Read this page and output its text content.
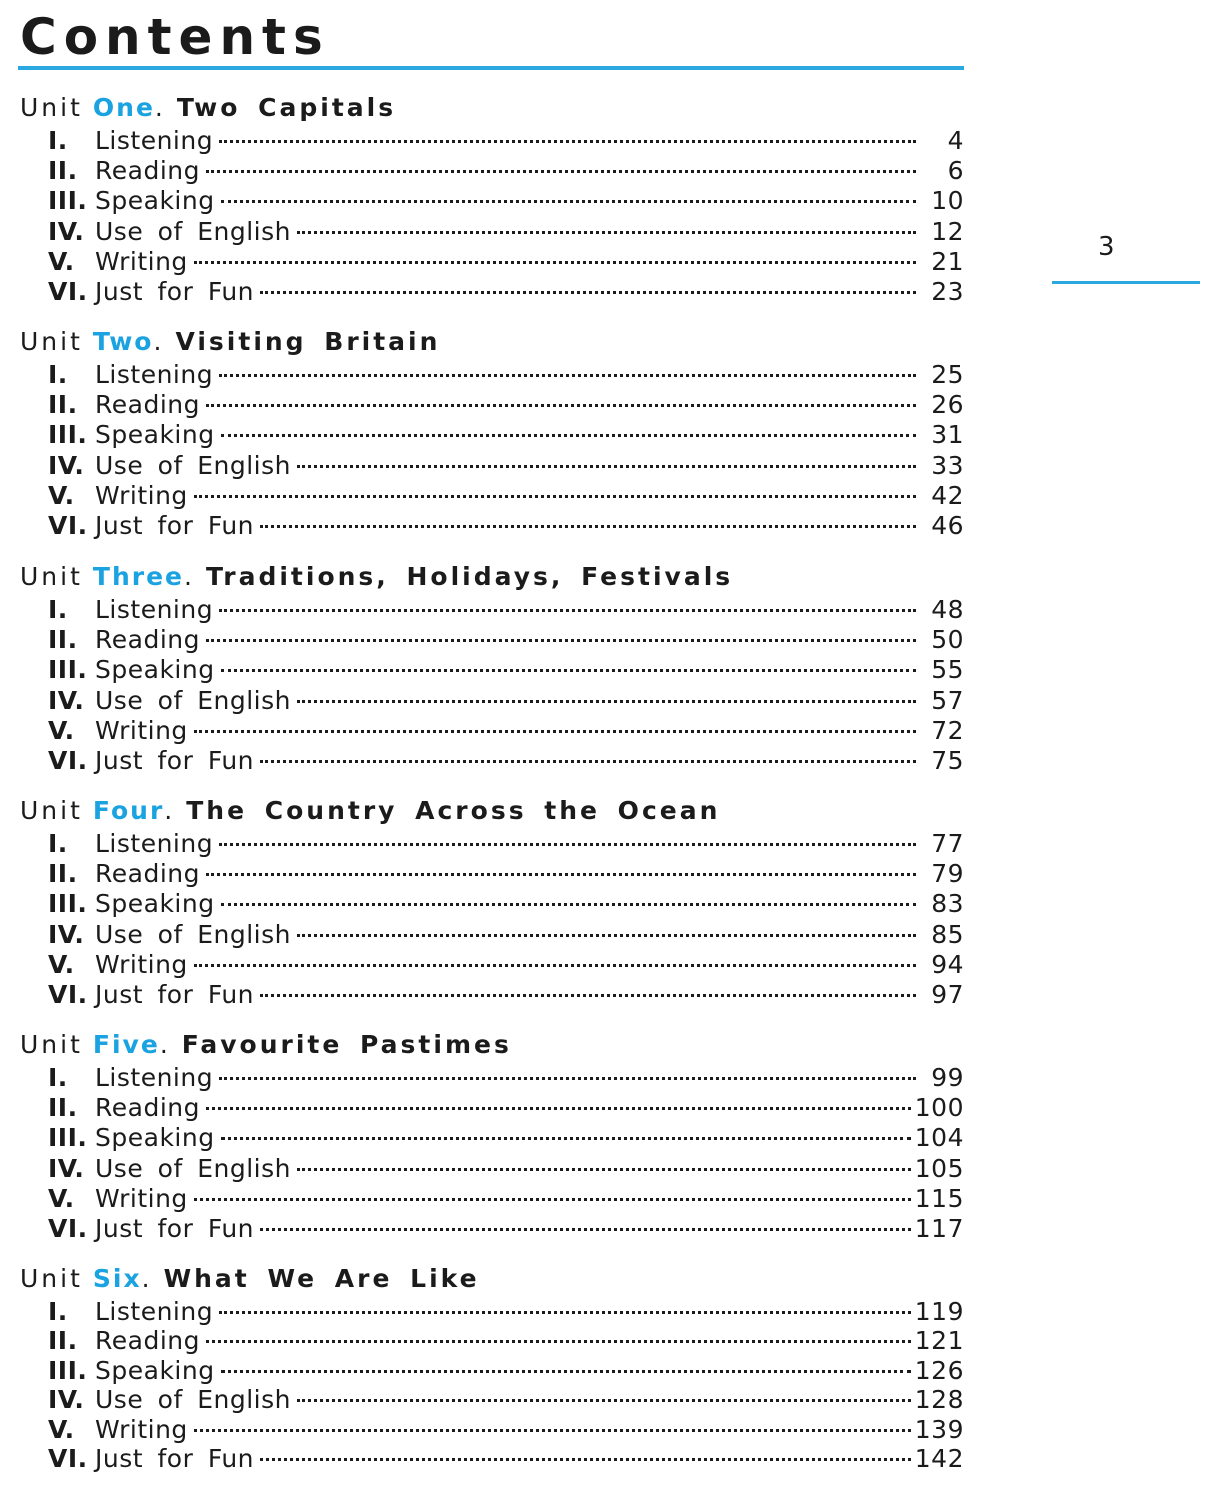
Contents
3
Unit One. Two Capitals
I.	Listening	4
II. Reading	6
III. Speaking	10
IV. Use of English	12
V. Writing	21
VI. Just for Fun	23
Unit Two. Visiting Britain
I.	Listening	25
II. Reading	26
III. Speaking	31
IV. Use of English	33
V. Writing	42
VI. Just for Fun	46
Unit Three. Traditions, Holidays, Festivals
I.	Listening	48
II. Reading	50
III. Speaking	55
IV. Use of English	57
V. Writing	72
VI. Just for Fun	75
Unit Four. The Country Across the Ocean
I.	Listening	77
II. Reading	79
III. Speaking	83
IV. Use of English	85
V. Writing	94
VI. Just for Fun	97
Unit Five. Favourite Pastimes
I.	Listening	99
II. Reading	100
III. Speaking	104
IV. Use of English	105
V. Writing	115
VI. Just for Fun	117
Unit Six. What We Are Like
I.	Listening	119
II. Reading	121
III. Speaking	126
IV. Use of English	128
V. Writing	139
VI. Just for Fun	142
